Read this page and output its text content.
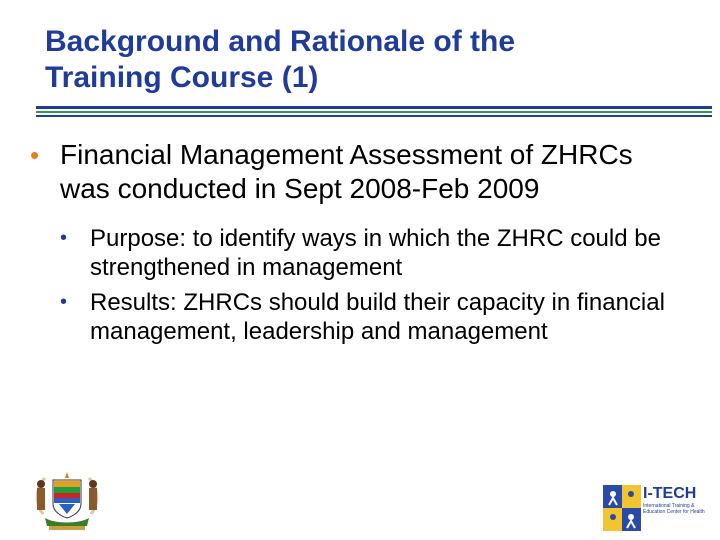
Background and Rationale of the
Training Course (1)
• Financial Management Assessment of ZHRCs was conducted in Sept 2008-Feb 2009
• Purpose: to identify ways in which the ZHRC could be strengthened in management
• Results: ZHRCs should build their capacity in financial management, leadership and management
I-TECH
International Training & Education Center for Health
